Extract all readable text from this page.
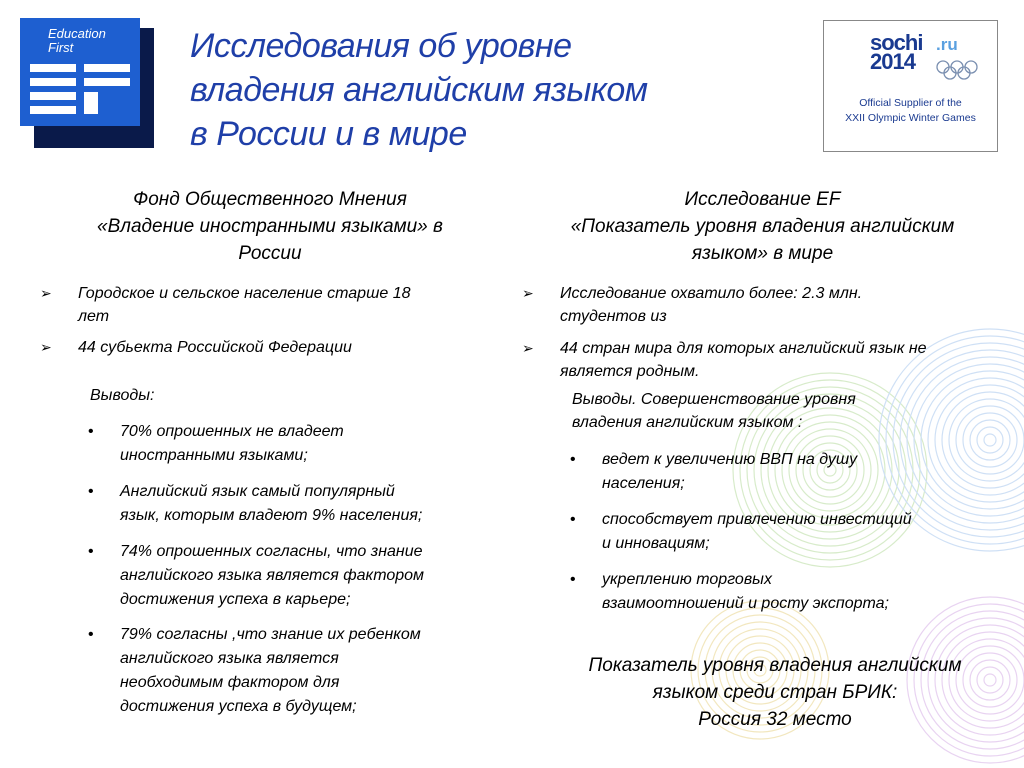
Education
First	Исследования об уровне
владения английским языком
в России и в мире
sochi
2014
.ru
Official Supplier of the
XXII Olympic Winter Games
Фонд Общественного Мнения
«Владение иностранными языками» в
России
Исследование EF
«Показатель уровня владения английским
языком» в мире
➢ Городское и сельское население старше 18
лет
➢ 44 субьекта Российской Федерации
➢ Исследование охватило более: 2.3 млн.
студентов из
➢ 44 стран мира для которых английский язык не
является родным.
Выводы:
• 70% опрошенных не владеет
иностранными языками;
• Английский язык самый популярный
язык, которым владеют 9% населения;
• 74% опрошенных согласны, что знание
английского языка является фактором
достижения успеха в карьере;
• 79% согласны ,что знание их ребенком
английского языка является
необходимым фактором для
достижения успеха в будущем;
Выводы. Совершенствование уровня
владения английским языком :
• ведет к увеличению ВВП на душу
населения;
• способствует привлечению инвестиций
и инновациям;
• укреплению торговых
взаимоотношений и росту экспорта;
Показатель уровня владения английским
языком среди стран БРИК:
Россия 32 место
